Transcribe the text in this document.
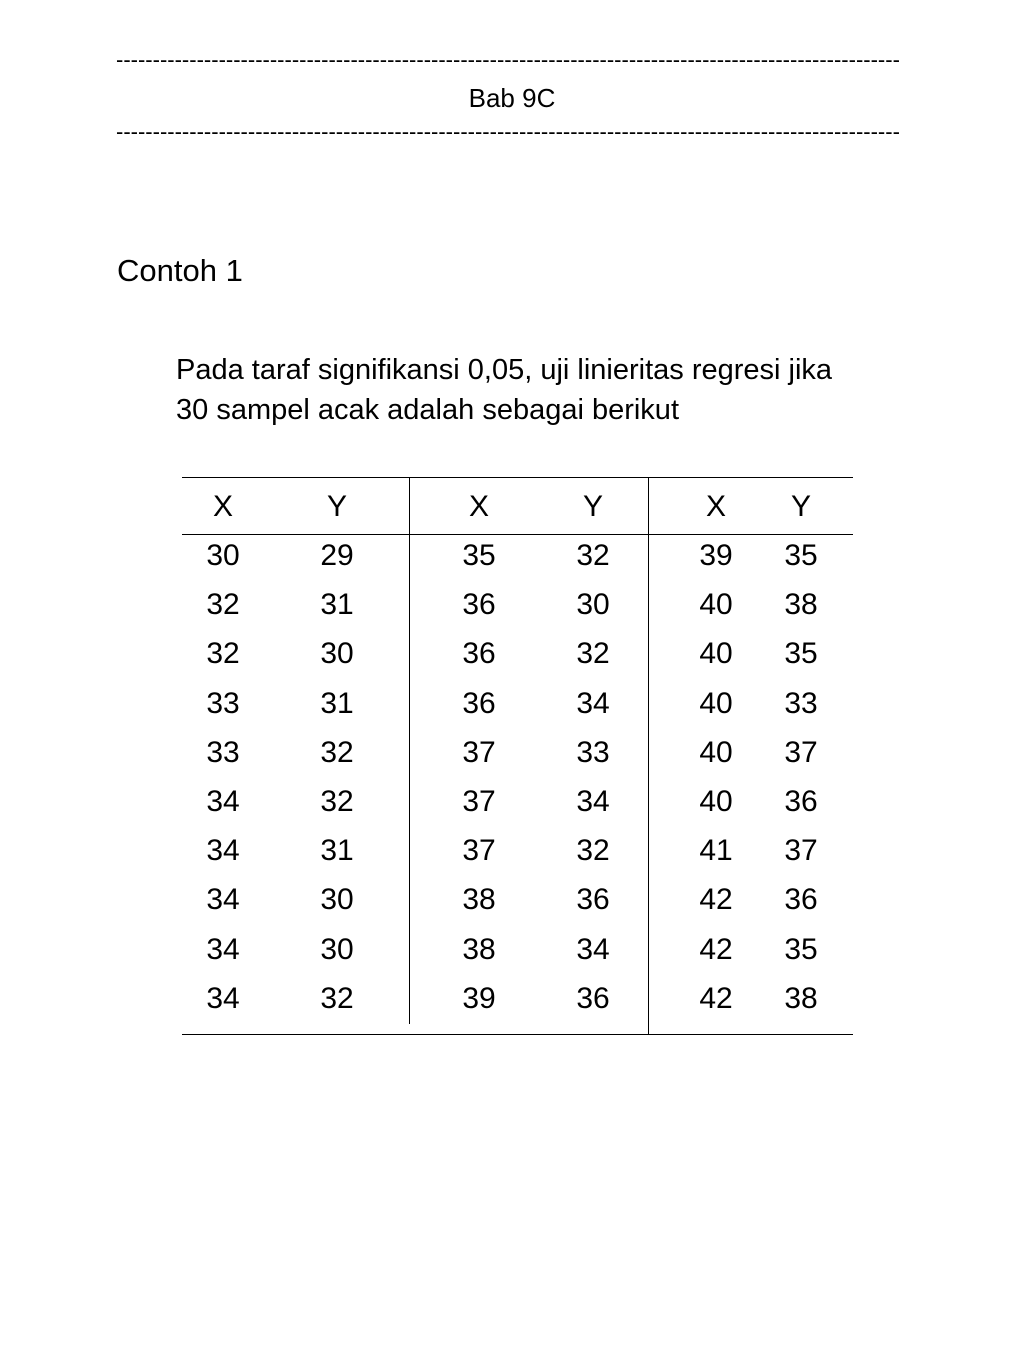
-----------------------------------------------------------------------------------------------------------
Bab 9C
-----------------------------------------------------------------------------------------------------------
Contoh 1
Pada taraf signifikansi 0,05, uji linieritas regresi jika
30 sampel acak adalah sebagai berikut
X	Y	X	Y	X	Y
30	29	35	32	39	35
32	31	36	30	40	38
32	30	36	32	40	35
33	31	36	34	40	33
33	32	37	33	40	37
34	32	37	34	40	36
34	31	37	32	41	37
34	30	38	36	42	36
34	30	38	34	42	35
34	32	39	36	42	38
